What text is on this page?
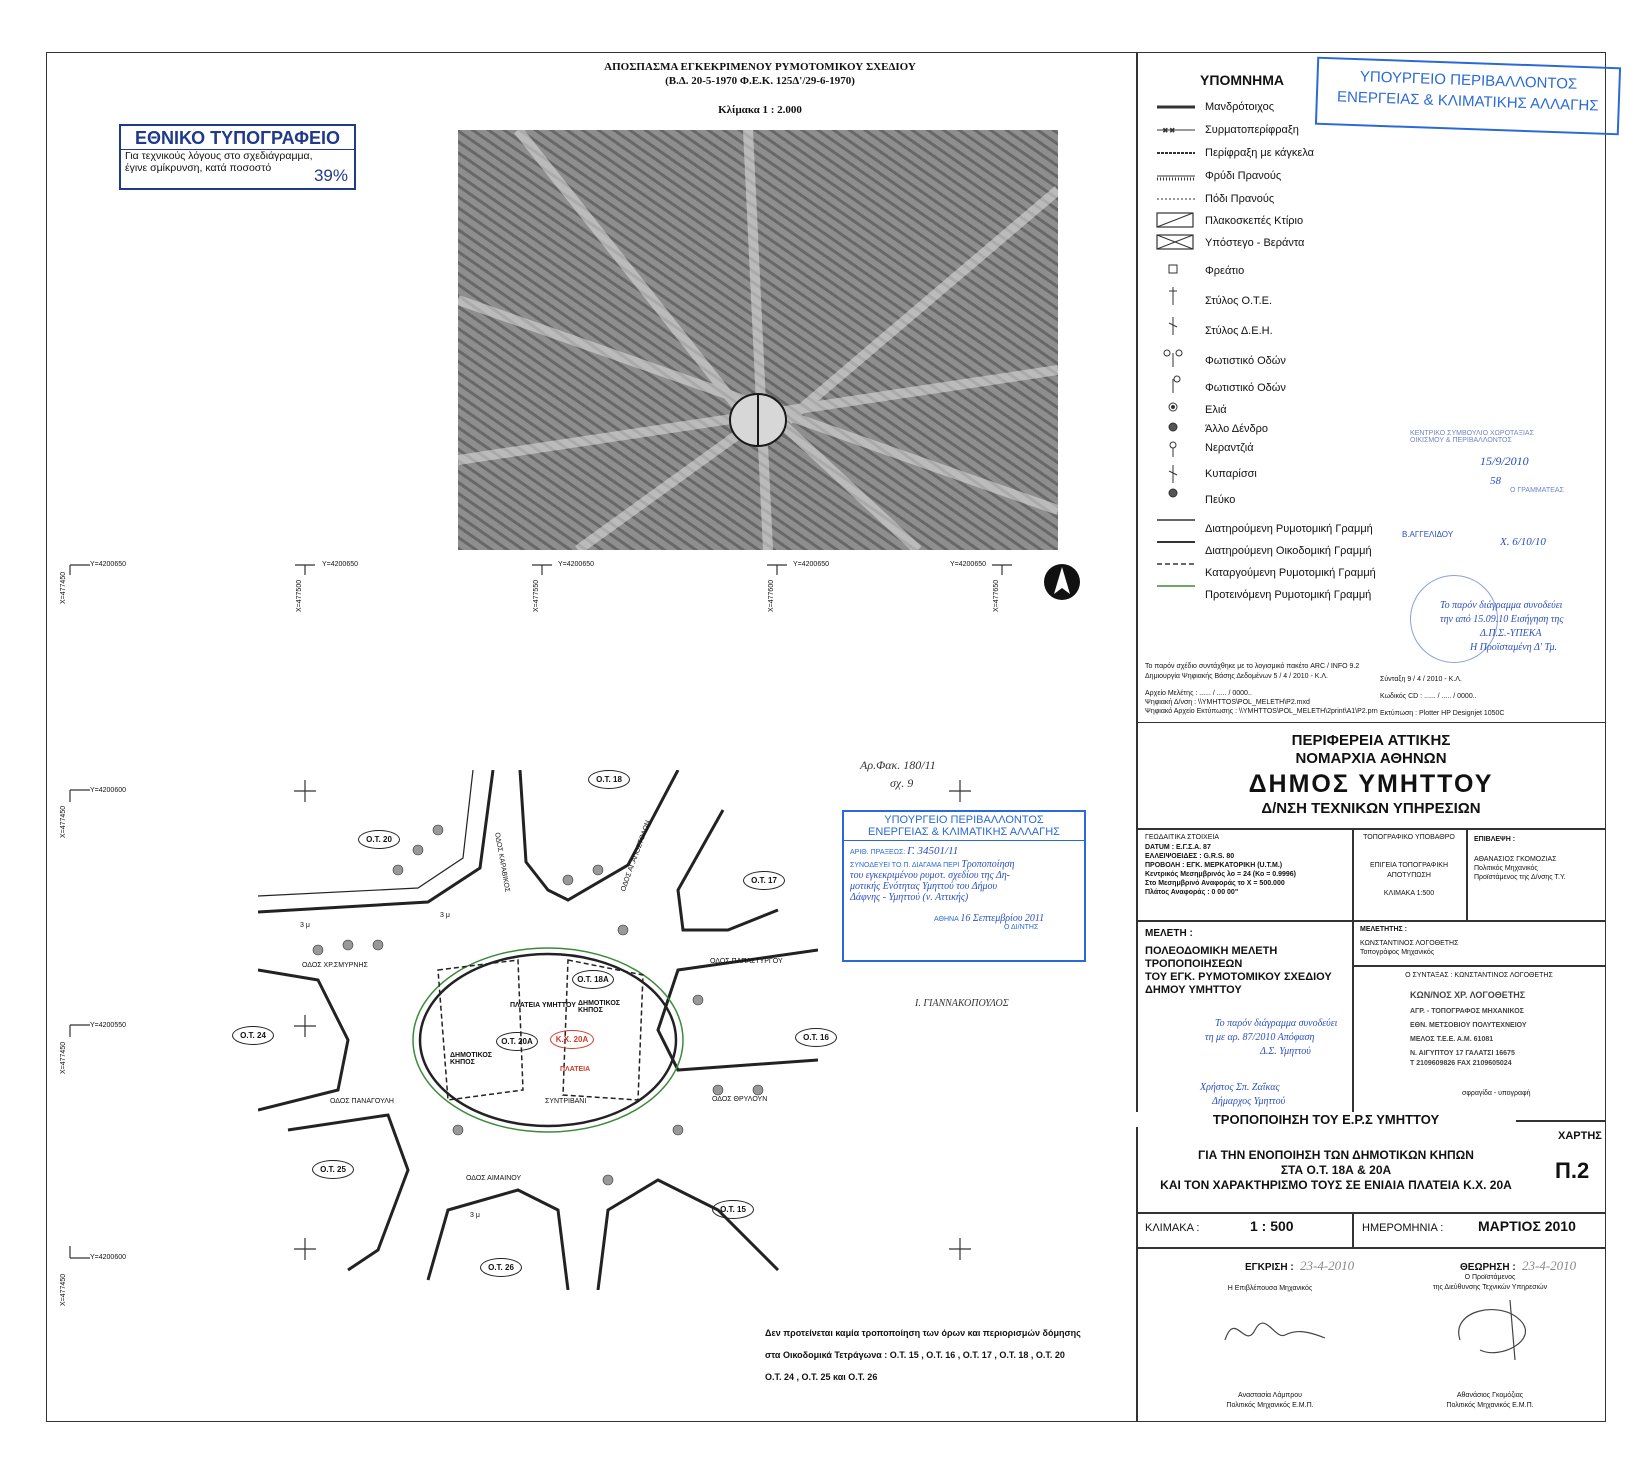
ΑΠΟΣΠΑΣΜΑ ΕΓΚΕΚΡΙΜΕΝΟΥ ΡΥΜΟΤΟΜΙΚΟΥ ΣΧΕΔΙΟΥ
(Β.Δ. 20-5-1970 Φ.Ε.Κ. 125Δ'/29-6-1970)
Κλίμακα 1 : 2.000
ΕΘΝΙΚΟ ΤΥΠΟΓΡΑΦΕΙΟ
Για τεχνικούς λόγους στο σχεδιάγραμμα,
έγινε σμίκρυνση, κατά ποσοστό	39%
Y=4200650	Y=4200650	Y=4200650	Y=4200650	Y=4200650
Y=4200600
Y=4200550
Y=4200600
X=477450	X=477500	X=477550	X=477600	X=477650
X=477450
X=477450
X=477450
Αρ.Φακ. 180/11
σχ. 9
Ο.Τ. 18
Ο.Τ. 20
Ο.Τ. 17
Ο.Τ. 18Α
Ο.Τ. 24
Ο.Τ. 20Α	Ο.Τ. 16
Ο.Τ. 25
Ο.Τ. 15
Ο.Τ. 26
Κ.Χ. 20Α
ΠΛΑΤΕΙΑ
ΠΛΑΤΕΙΑ ΥΜΗΤΤΟΥ
ΔΗΜΟΤΙΚΟΣ ΚΗΠΟΣ
ΔΗΜΟΤΙΚΟΣ ΚΗΠΟΣ
ΣΥΝΤΡΙΒΑΝΙ
ΟΔΟΣ ΧΡ.ΣΜΥΡΝΗΣ
ΟΔΟΣ ΠΑΠΑΣΤΥΡΓΟΥ
ΟΔΟΣ ΠΑΝΑΓΟΥΛΗ	ΟΔΟΣ ΘΡΥΛΟΥΝ
ΟΔΟΣ ΑΙΜΑΙΝΟΥ
ΟΔΟΣ ΚΑΡΑΒΙΚΟΣ	ΟΔΟΣ ΑΓ.ΑΠΟΣΤΟΛΩΝ
3 μ
3 μ
3 μ
Δεν προτείνεται καμία τροποποίηση των όρων και περιορισμών δόμησης
στα Οικοδομικά Τετράγωνα : Ο.Τ. 15 , Ο.Τ. 16 , Ο.Τ. 17 , Ο.Τ. 18 , Ο.Τ. 20
Ο.Τ. 24 , Ο.Τ. 25 και Ο.Τ. 26
ΥΠΟΥΡΓΕΙΟ ΠΕΡΙΒΑΛΛΟΝΤΟΣ
ΕΝΕΡΓΕΙΑΣ & ΚΛΙΜΑΤΙΚΗΣ ΑΛΛΑΓΗΣ
ΑΡΙΘ. ΠΡΑΞΕΩΣ: Γ. 34501/11
ΣΥΝΟΔΕΥΕΙ ΤΟ Π. ΔΙΑΓΑΜΑ ΠΕΡΙ Τροποποίηση
του εγκεκριμένου ρυμοτ. σχεδίου της Δη-
μοτικής Ενότητας Υμηττού του Δήμου
Δάφνης - Υμηττού (ν. Αττικής)
ΑΘΗΝΑ 16 Σεπτεμβρίου 2011
Ο ΔΙ/ΝΤΗΣ
Ι. ΓΙΑΝΝΑΚΟΠΟΥΛΟΣ
ΥΠΟΥΡΓΕΙΟ ΠΕΡΙΒΑΛΛΟΝΤΟΣ
ΕΝΕΡΓΕΙΑΣ & ΚΛΙΜΑΤΙΚΗΣ ΑΛΛΑΓΗΣ
ΥΠΟΜΝΗΜΑ
× ×
Μανδρότοιχος
Συρματοπερίφραξη
Περίφραξη με κάγκελα
Φρύδι Πρανούς
Πόδι Πρανούς
Πλακοσκεπές Κτίριο
Υπόστεγο - Βεράντα
Φρεάτιο
Στύλος Ο.Τ.Ε.
Στύλος Δ.Ε.Η.
Φωτιστικό Οδών
Φωτιστικό Οδών
Ελιά
Άλλο Δένδρο
Νεραντζιά
Κυπαρίσσι
Πεύκο
Διατηρούμενη Ρυμοτομική Γραμμή
Διατηρούμενη Οικοδομική Γραμμή
Καταργούμενη Ρυμοτομική Γραμμή
Προτεινόμενη Ρυμοτομική Γραμμή
ΚΕΝΤΡΙΚΟ ΣΥΜΒΟΥΛΙΟ ΧΩΡΟΤΑΞΙΑΣ
ΟΙΚΙΣΜΟΥ & ΠΕΡΙΒΑΛΛΟΝΤΟΣ
15/9/2010
58
Ο ΓΡΑΜΜΑΤΕΑΣ
Β.ΑΓΓΕΛΙΔΟΥ
Χ. 6/10/10
Το παρόν διάγραμμα συνοδεύει
την από 15.09.10 Εισήγηση της
Δ.Π.Σ.-ΥΠΕΚΑ
Η Προϊσταμένη Δ' Τμ.
Το παρόν σχέδιο συντάχθηκε με το λογισμικό πακέτο ARC / INFO 9.2
Δημιουργία Ψηφιακής Βάσης Δεδομένων 5 / 4 / 2010 - Κ.Λ.
Αρχείο Μελέτης : ...... / ..... / 0000..
Ψηφιακή Δ/νση : \\YMHTTOS\POL_MELETH\P2.mxd
Ψηφιακό Αρχείο Εκτύπωσης : \\YMHTTOS\POL_MELETH\2print\A1\P2.prn
Σύνταξη 9 / 4 / 2010 - Κ.Λ.
Κωδικός CD : ...... / ..... / 0000..
Εκτύπωση : Plotter HP Designjet 1050C
ΠΕΡΙΦΕΡΕΙΑ ΑΤΤΙΚΗΣ
ΝΟΜΑΡΧΙΑ ΑΘΗΝΩΝ
ΔΗΜΟΣ ΥΜΗΤΤΟΥ
Δ/ΝΣΗ ΤΕΧΝΙΚΩΝ ΥΠΗΡΕΣΙΩΝ
ΓΕΩΔΑΙΤΙΚΑ ΣΤΟΙΧΕΙΑ
DATUM : Ε.Γ.Σ.Α. 87
ΕΛΛΕΙΨΟΕΙΔΕΣ : G.R.S. 80
ΠΡΟΒΟΛΗ : ΕΓΚ. ΜΕΡΚΑΤΟΡΙΚΗ (U.T.M.)
Κεντρικός Μεσημβρινός λο = 24 (Κο = 0.9996)
Στο Μεσημβρινό Αναφοράς το X = 500.000
Πλάτος Αναφοράς : 0 00 00"
ΤΟΠΟΓΡΑΦΙΚΟ ΥΠΟΒΑΘΡΟ
ΕΠΙΓΕΙΑ ΤΟΠΟΓΡΑΦΙΚΗ
ΑΠΟΤΥΠΩΣΗ
ΚΛΙΜΑΚΑ 1:500
ΕΠΙΒΛΕΨΗ :
ΑΘΑΝΑΣΙΟΣ ΓΚΟΜΟΖΙΑΣ
Πολιτικός Μηχανικός
Προϊστάμενος της Δ/νσης Τ.Υ.
ΜΕΛΕΤΗ :
ΠΟΛΕΟΔΟΜΙΚΗ ΜΕΛΕΤΗ
ΤΡΟΠΟΠΟΙΗΣΕΩΝ
ΤΟΥ ΕΓΚ. ΡΥΜΟΤΟΜΙΚΟΥ ΣΧΕΔΙΟΥ
ΔΗΜΟΥ ΥΜΗΤΤΟΥ
ΜΕΛΕΤΗΤΗΣ :
ΚΩΝΣΤΑΝΤΙΝΟΣ ΛΟΓΟΘΕΤΗΣ
Τοπογράφος Μηχανικός
Ο ΣΥΝΤΑΞΑΣ : ΚΩΝΣΤΑΝΤΙΝΟΣ ΛΟΓΟΘΕΤΗΣ
ΚΩΝ/ΝΟΣ ΧΡ. ΛΟΓΟΘΕΤΗΣ
ΑΓΡ. - ΤΟΠΟΓΡΑΦΟΣ ΜΗΧΑΝΙΚΟΣ
ΕΘΝ. ΜΕΤΣΟΒΙΟΥ ΠΟΛΥΤΕΧΝΕΙΟΥ
ΜΕΛΟΣ Τ.Ε.Ε. Α.Μ. 61081
Ν. ΑΙΓΥΠΤΟΥ 17 ΓΑΛΑΤΣΙ 16675
Τ 2109609826 FAX 2109605024
σφραγίδα - υπογραφή
Το παρόν διάγραμμα συνοδεύει
τη με αρ. 87/2010 Απόφαση
Δ.Σ. Υμηττού
Χρήστος Σπ. Ζαΐκας
Δήμαρχος Υμηττού
ΤΡΟΠΟΠΟΙΗΣΗ ΤΟΥ Ε.Ρ.Σ ΥΜΗΤΤΟΥ
ΧΑΡΤΗΣ
ΓΙΑ ΤΗΝ ΕΝΟΠΟΙΗΣΗ ΤΩΝ ΔΗΜΟΤΙΚΩΝ ΚΗΠΩΝ
ΣΤΑ Ο.Τ. 18Α & 20Α
ΚΑΙ ΤΟΝ ΧΑΡΑΚΤΗΡΙΣΜΟ ΤΟΥΣ ΣΕ ΕΝΙΑΙΑ ΠΛΑΤΕΙΑ Κ.Χ. 20Α
Π.2
ΚΛΙΜΑΚΑ :	1 : 500	ΗΜΕΡΟΜΗΝΙΑ : ΜΑΡΤΙΟΣ 2010
ΕΓΚΡΙΣΗ : 23-4-2010	ΘΕΩΡΗΣΗ : 23-4-2010
Η Επιβλέπουσα Μηχανικός
Ο Προϊστάμενος
της Διεύθυνσης Τεχνικών Υπηρεσιών
Αναστασία Λάμπρου
Πολιτικός Μηχανικός Ε.Μ.Π.
Αθανάσιος Γκομόζιας
Πολιτικός Μηχανικός Ε.Μ.Π.
